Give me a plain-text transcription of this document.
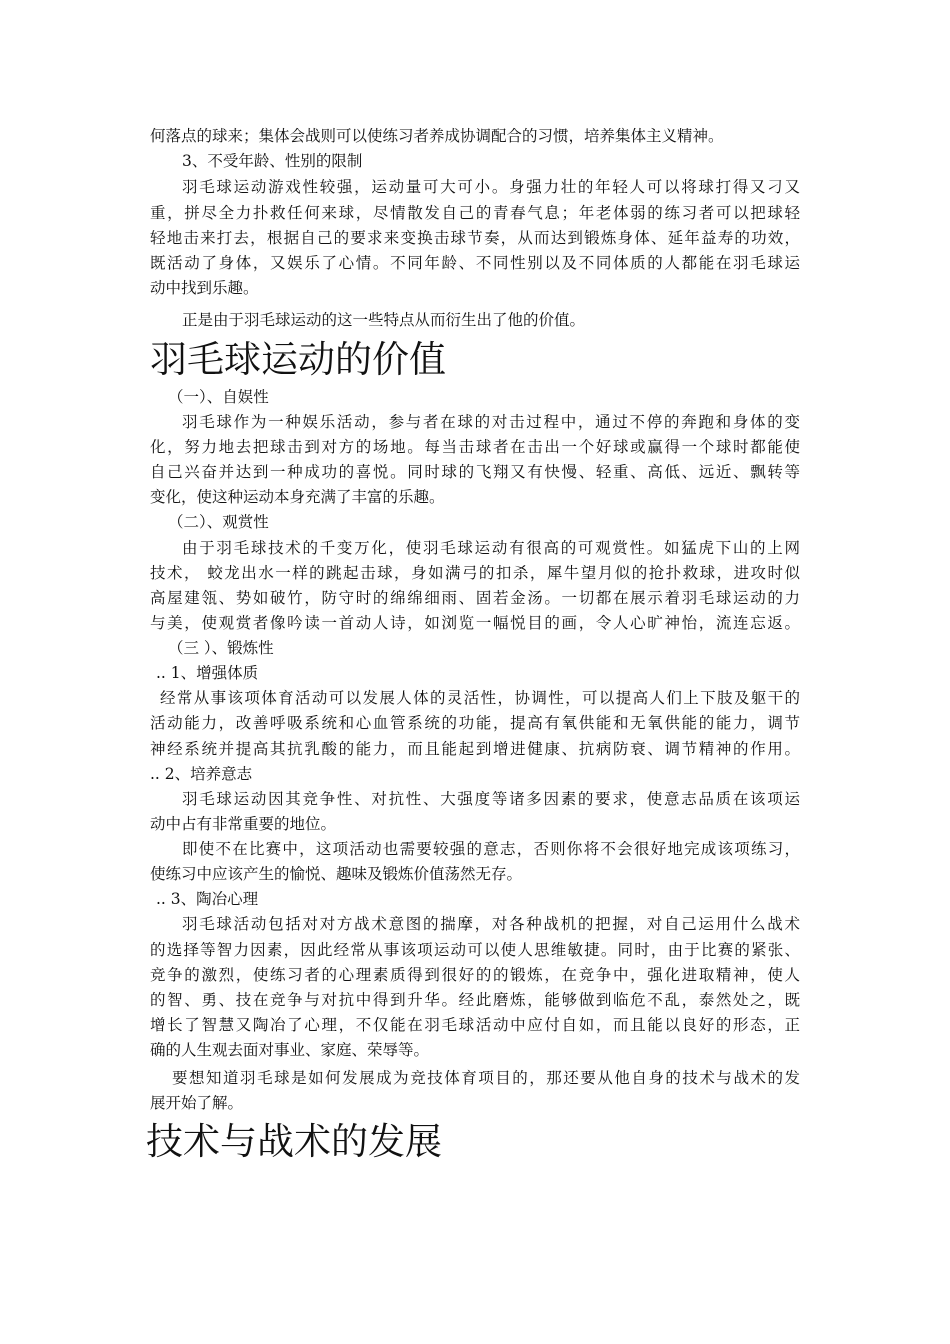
何落点的球来；集体会战则可以使练习者养成协调配合的习惯，培养集体主义精神。
3、不受年龄、性别的限制
羽毛球运动游戏性较强，运动量可大可小。身强力壮的年轻人可以将球打得又刁又
重，拼尽全力扑救任何来球，尽情散发自己的青春气息；年老体弱的练习者可以把球轻
轻地击来打去，根据自己的要求来变换击球节奏，从而达到锻炼身体、延年益寿的功效，
既活动了身体，又娱乐了心情。不同年龄、不同性别以及不同体质的人都能在羽毛球运
动中找到乐趣。
正是由于羽毛球运动的这一些特点从而衍生出了他的价值。
羽毛球运动的价值
（一）、自娱性
羽毛球作为一种娱乐活动，参与者在球的对击过程中，通过不停的奔跑和身体的变
化，努力地去把球击到对方的场地。每当击球者在击出一个好球或赢得一个球时都能使
自己兴奋并达到一种成功的喜悦。同时球的飞翔又有快慢、轻重、高低、远近、飘转等
变化，使这种运动本身充满了丰富的乐趣。
（二）、观赏性
由于羽毛球技术的千变万化，使羽毛球运动有很高的可观赏性。如猛虎下山的上网
技术， 蛟龙出水一样的跳起击球，身如满弓的扣杀，犀牛望月似的抢扑救球，进攻时似
高屋建瓴、势如破竹，防守时的绵绵细雨、固若金汤。一切都在展示着羽毛球运动的力
与美，使观赏者像吟读一首动人诗，如浏览一幅悦目的画，令人心旷神怡，流连忘返。
（三 ）、锻炼性
.. 1、增强体质
经常从事该项体育活动可以发展人体的灵活性，协调性，可以提高人们上下肢及躯干的
活动能力，改善呼吸系统和心血管系统的功能，提高有氧供能和无氧供能的能力，调节
神经系统并提高其抗乳酸的能力，而且能起到增进健康、抗病防衰、调节精神的作用。
.. 2、培养意志
羽毛球运动因其竞争性、对抗性、大强度等诸多因素的要求，使意志品质在该项运
动中占有非常重要的地位。
即使不在比赛中，这项活动也需要较强的意志，否则你将不会很好地完成该项练习，
使练习中应该产生的愉悦、趣味及锻炼价值荡然无存。
.. 3、陶冶心理
羽毛球活动包括对对方战术意图的揣摩，对各种战机的把握，对自己运用什么战术
的选择等智力因素，因此经常从事该项运动可以使人思维敏捷。同时，由于比赛的紧张、
竞争的激烈，使练习者的心理素质得到很好的的锻炼，在竞争中，强化进取精神，使人
的智、勇、技在竞争与对抗中得到升华。经此磨炼，能够做到临危不乱，泰然处之，既
增长了智慧又陶冶了心理，不仅能在羽毛球活动中应付自如，而且能以良好的形态，正
确的人生观去面对事业、家庭、荣辱等。
要想知道羽毛球是如何发展成为竞技体育项目的，那还要从他自身的技术与战术的发
展开始了解。
技术与战术的发展
